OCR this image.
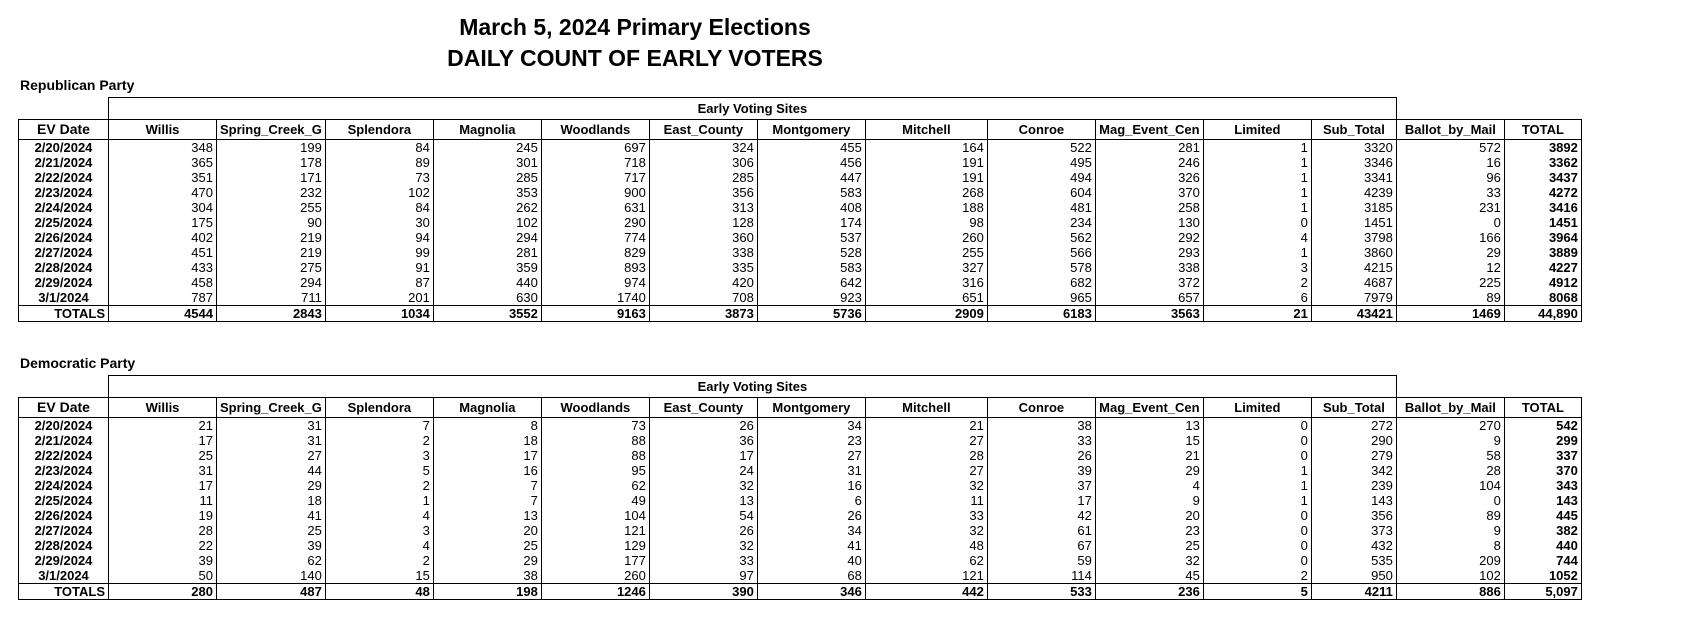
March 5, 2024 Primary Elections
DAILY COUNT OF EARLY VOTERS
Republican Party
	Early Voting Sites													
EV Date	Willis	Spring_Creek_G	Splendora	Magnolia	Woodlands	East_County	Montgomery	Mitchell	Conroe	Mag_Event_Cen	Limited	Sub_Total	Ballot_by_Mail	TOTAL
2/20/2024	348	199	84	245	697	324	455	164	522	281	1	3320	572	3892
2/21/2024	365	178	89	301	718	306	456	191	495	246	1	3346	16	3362
2/22/2024	351	171	73	285	717	285	447	191	494	326	1	3341	96	3437
2/23/2024	470	232	102	353	900	356	583	268	604	370	1	4239	33	4272
2/24/2024	304	255	84	262	631	313	408	188	481	258	1	3185	231	3416
2/25/2024	175	90	30	102	290	128	174	98	234	130	0	1451	0	1451
2/26/2024	402	219	94	294	774	360	537	260	562	292	4	3798	166	3964
2/27/2024	451	219	99	281	829	338	528	255	566	293	1	3860	29	3889
2/28/2024	433	275	91	359	893	335	583	327	578	338	3	4215	12	4227
2/29/2024	458	294	87	440	974	420	642	316	682	372	2	4687	225	4912
3/1/2024	787	711	201	630	1740	708	923	651	965	657	6	7979	89	8068
TOTALS	4544	2843	1034	3552	9163	3873	5736	2909	6183	3563	21	43421	1469	44,890
Democratic Party
	Early Voting Sites													
EV Date	Willis	Spring_Creek_G	Splendora	Magnolia	Woodlands	East_County	Montgomery	Mitchell	Conroe	Mag_Event_Cen	Limited	Sub_Total	Ballot_by_Mail	TOTAL
2/20/2024	21	31	7	8	73	26	34	21	38	13	0	272	270	542
2/21/2024	17	31	2	18	88	36	23	27	33	15	0	290	9	299
2/22/2024	25	27	3	17	88	17	27	28	26	21	0	279	58	337
2/23/2024	31	44	5	16	95	24	31	27	39	29	1	342	28	370
2/24/2024	17	29	2	7	62	32	16	32	37	4	1	239	104	343
2/25/2024	11	18	1	7	49	13	6	11	17	9	1	143	0	143
2/26/2024	19	41	4	13	104	54	26	33	42	20	0	356	89	445
2/27/2024	28	25	3	20	121	26	34	32	61	23	0	373	9	382
2/28/2024	22	39	4	25	129	32	41	48	67	25	0	432	8	440
2/29/2024	39	62	2	29	177	33	40	62	59	32	0	535	209	744
3/1/2024	50	140	15	38	260	97	68	121	114	45	2	950	102	1052
TOTALS	280	487	48	198	1246	390	346	442	533	236	5	4211	886	5,097
